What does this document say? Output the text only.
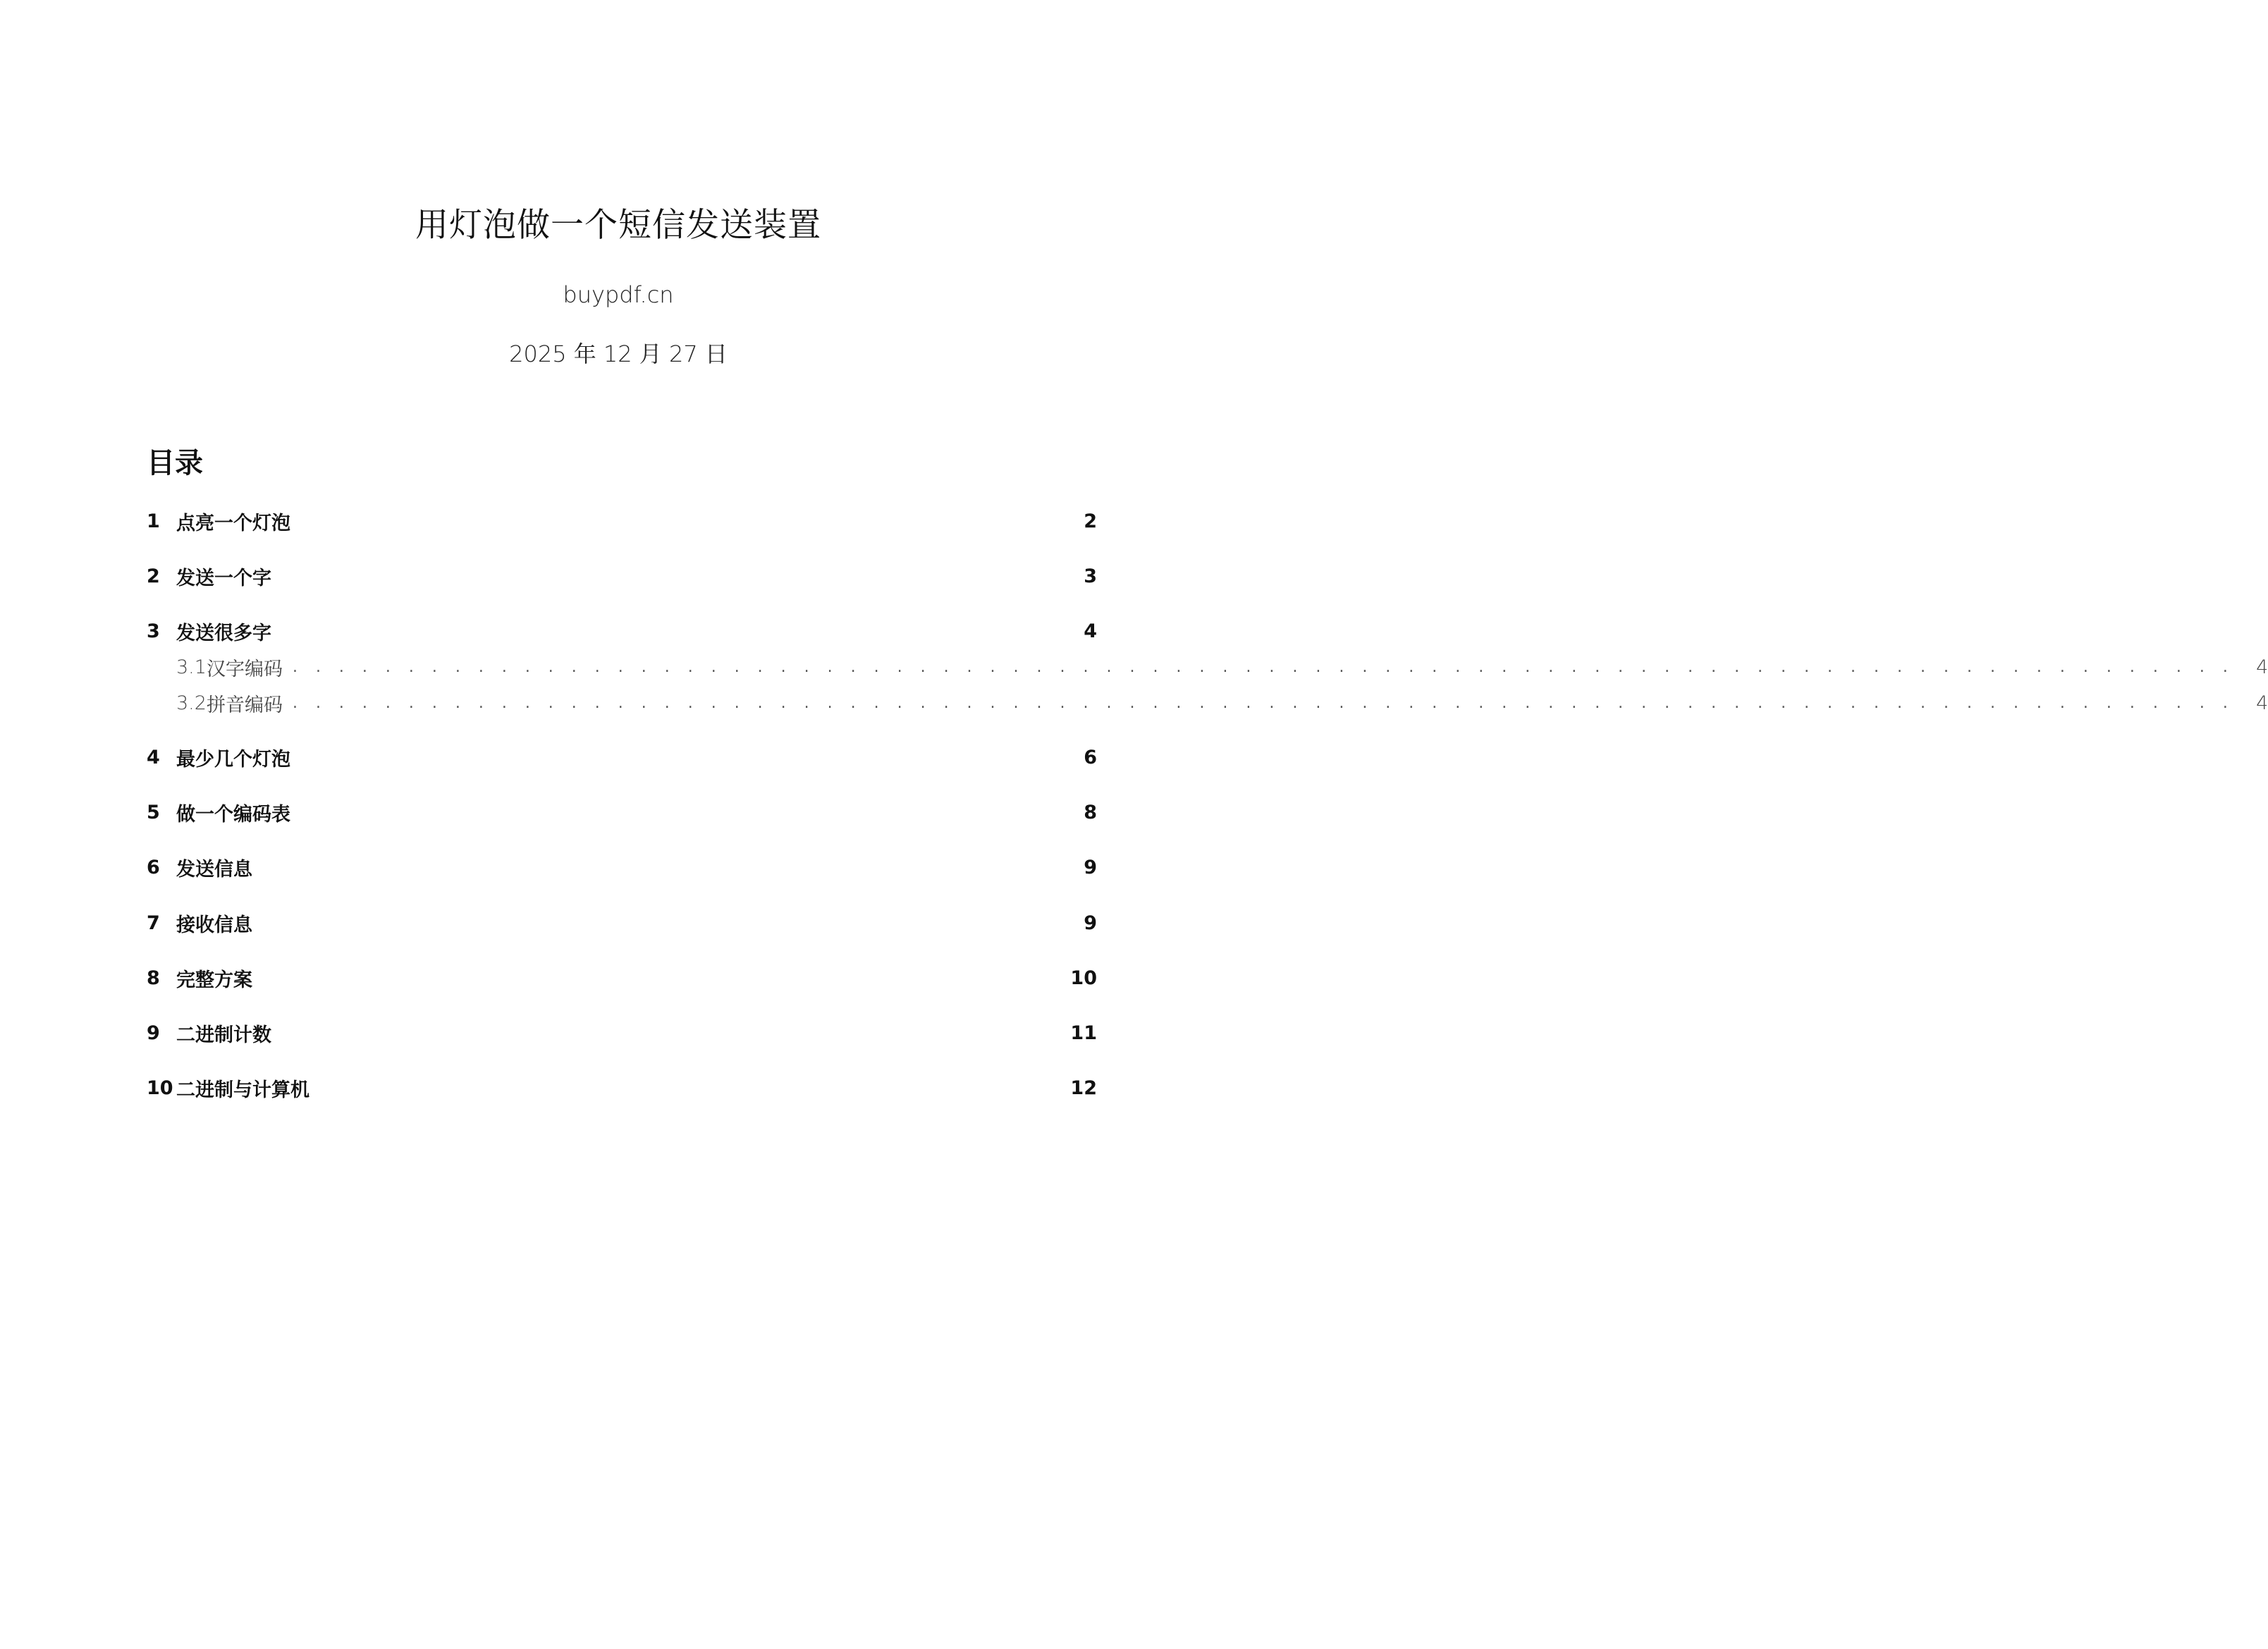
用灯泡做一个短信发送装置
buypdf.cn
2025 年 12 月 27 日
目录
1 点亮一个灯泡	2
2 发送一个字	3
3 发送很多字	4
3.1 汉字编码 . . . . . . . . . . . . . . . . . . . . . . . . . . . . . . . . . . . . . . . . . . . . . . . . . . . . . . . . . . . . . . . . . . . . . . . . . . . . . . . . . . . .	4
3.2 拼音编码 . . . . . . . . . . . . . . . . . . . . . . . . . . . . . . . . . . . . . . . . . . . . . . . . . . . . . . . . . . . . . . . . . . . . . . . . . . . . . . . . . . . .	4
4 最少几个灯泡	6
5 做一个编码表	8
6 发送信息	9
7 接收信息	9
8 完整方案	10
9 二进制计数	11
10 二进制与计算机	12
